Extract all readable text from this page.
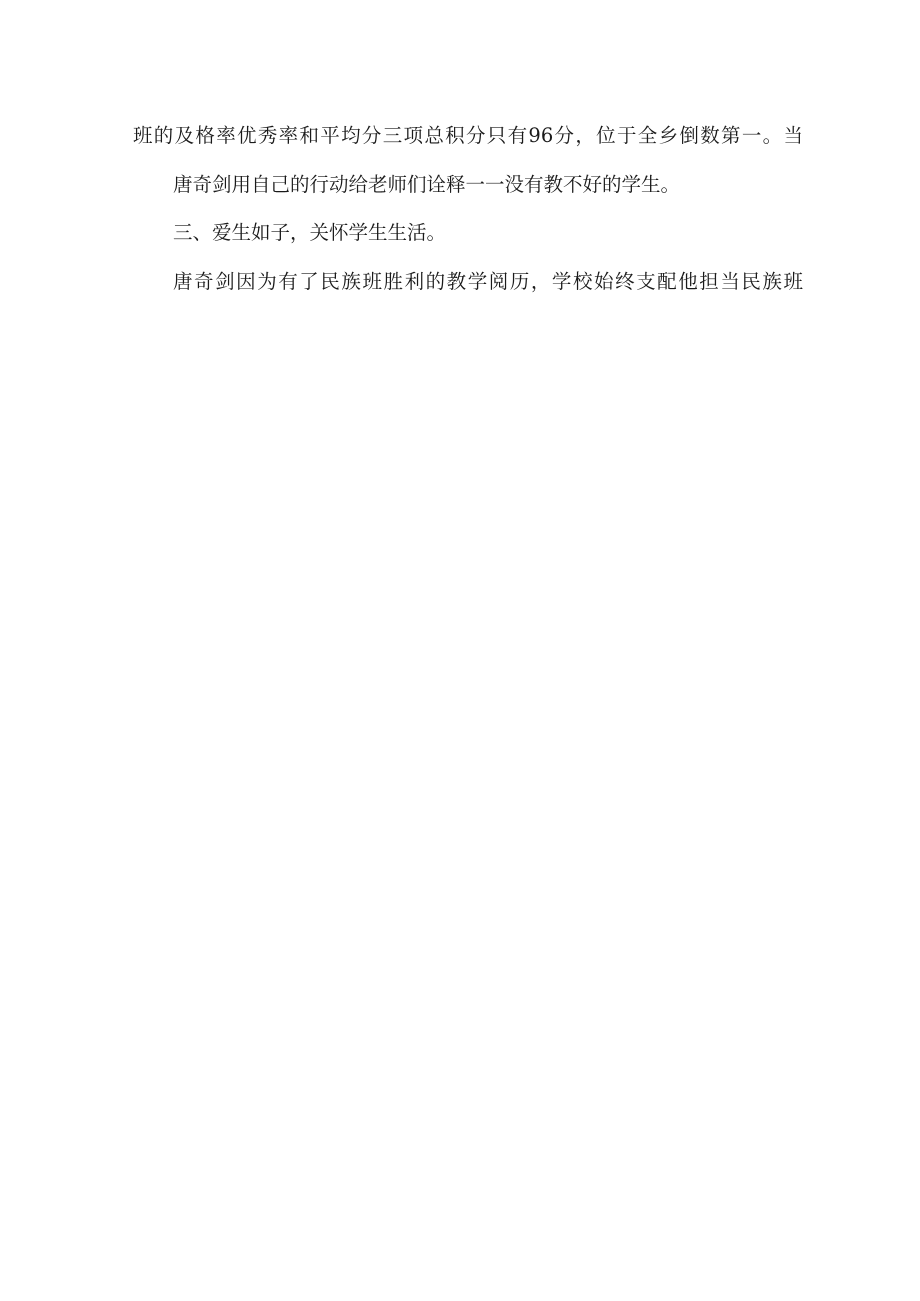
班的及格率优秀率和平均分三项总积分只有96分，位于全乡倒数第一。当
唐奇剑用自己的行动给老师们诠释一一没有教不好的学生。
三、爱生如子，关怀学生生活。
唐奇剑因为有了民族班胜利的教学阅历，学校始终支配他担当民族班
